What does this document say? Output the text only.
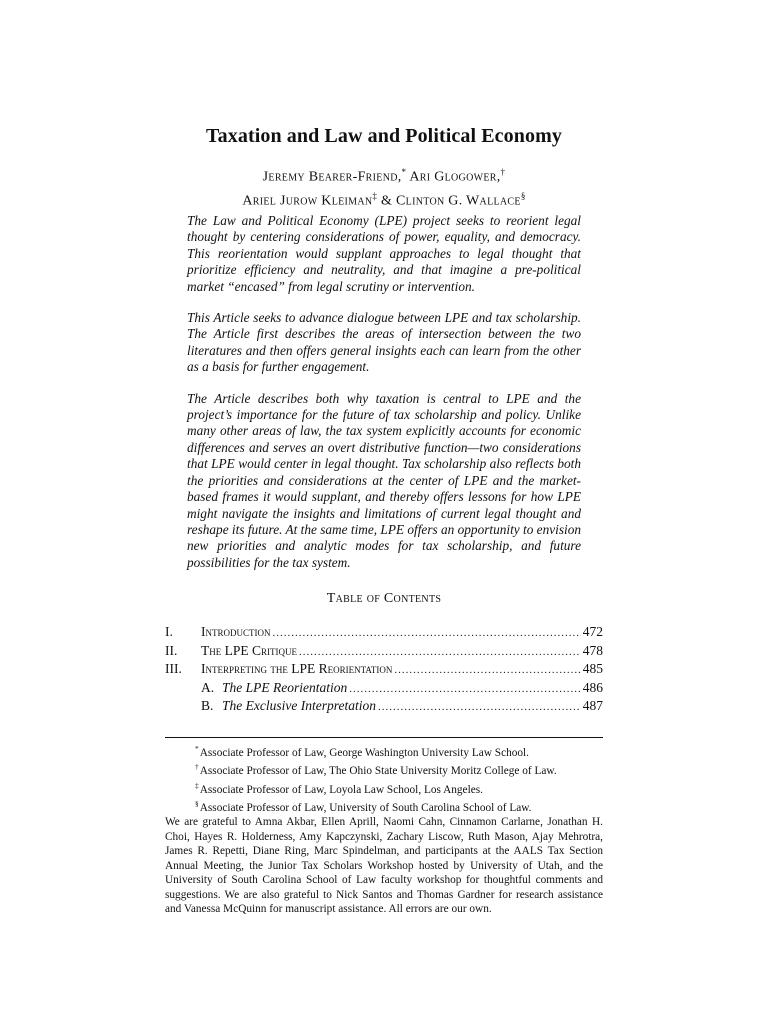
Taxation and Law and Political Economy
Jeremy Bearer-Friend,* Ari Glogower,†
Ariel Jurow Kleiman‡ & Clinton G. Wallace§

The Law and Political Economy (LPE) project seeks to reorient legal thought by centering considerations of power, equality, and democracy. This reorientation would supplant approaches to legal thought that prioritize efficiency and neutrality, and that imagine a pre-political market “encased” from legal scrutiny or intervention.

This Article seeks to advance dialogue between LPE and tax scholarship. The Article first describes the areas of intersection between the two literatures and then offers general insights each can learn from the other as a basis for further engagement.

The Article describes both why taxation is central to LPE and the project’s importance for the future of tax scholarship and policy. Unlike many other areas of law, the tax system explicitly accounts for economic differences and serves an overt distributive function—two considerations that LPE would center in legal thought. Tax scholarship also reflects both the priorities and considerations at the center of LPE and the market-based frames it would supplant, and thereby offers lessons for how LPE might navigate the insights and limitations of current legal thought and reshape its future. At the same time, LPE offers an opportunity to envision new priorities and analytic modes for tax scholarship, and future possibilities for the tax system.

Table of Contents
I.	Introduction .....	472
II.	The LPE Critique .....	478
III.	Interpreting the LPE Reorientation .....	485
A. The LPE Reorientation .....	486
B. The Exclusive Interpretation .....	487
*Associate Professor of Law, George Washington University Law School.
†Associate Professor of Law, The Ohio State University Moritz College of Law.
‡Associate Professor of Law, Loyola Law School, Los Angeles.
§Associate Professor of Law, University of South Carolina School of Law.
We are grateful to Amna Akbar, Ellen Aprill, Naomi Cahn, Cinnamon Carlarne, Jonathan H. Choi, Hayes R. Holderness, Amy Kapczynski, Zachary Liscow, Ruth Mason, Ajay Mehrotra, James R. Repetti, Diane Ring, Marc Spindelman, and participants at the AALS Tax Section Annual Meeting, the Junior Tax Scholars Workshop hosted by University of Utah, and the University of South Carolina School of Law faculty workshop for thoughtful comments and suggestions. We are also grateful to Nick Santos and Thomas Gardner for research assistance and Vanessa McQuinn for manuscript assistance. All errors are our own.
